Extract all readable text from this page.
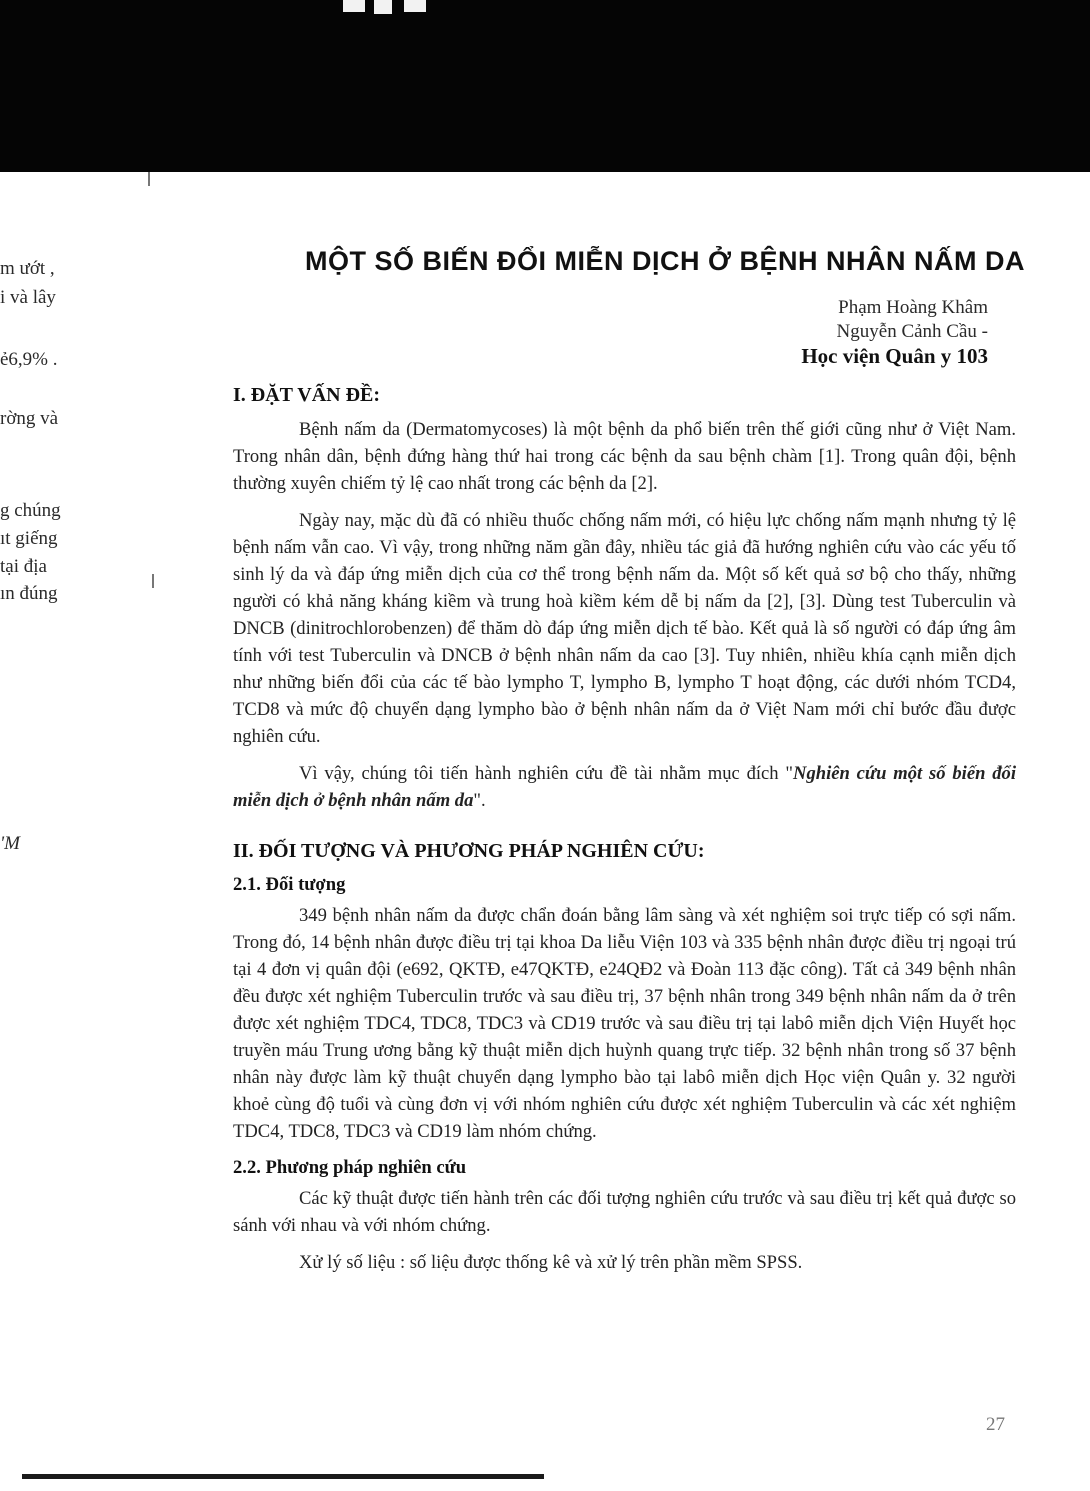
m ướt ,
i và lây
ẻ6,9% .
rờng và
g chúng
ıt giếng
tại địa
ın đúng
'M
MỘT SỐ BIẾN ĐỔI MIỄN DỊCH Ở BỆNH NHÂN NẤM DA
Phạm Hoàng Khâm
Nguyễn Cảnh Cầu -
Học viện Quân y 103
I. ĐẶT VẤN ĐỀ:

Bệnh nấm da (Dermatomycoses) là một bệnh da phổ biến trên thế giới cũng như ở Việt Nam. Trong nhân dân, bệnh đứng hàng thứ hai trong các bệnh da sau bệnh chàm [1]. Trong quân đội, bệnh thường xuyên chiếm tỷ lệ cao nhất trong các bệnh da [2].

Ngày nay, mặc dù đã có nhiều thuốc chống nấm mới, có hiệu lực chống nấm mạnh nhưng tỷ lệ bệnh nấm vẫn cao. Vì vậy, trong những năm gần đây, nhiều tác giả đã hướng nghiên cứu vào các yếu tố sinh lý da và đáp ứng miễn dịch của cơ thể trong bệnh nấm da. Một số kết quả sơ bộ cho thấy, những người có khả năng kháng kiềm và trung hoà kiềm kém dễ bị nấm da [2], [3]. Dùng test Tuberculin và DNCB (dinitrochlorobenzen) để thăm dò đáp ứng miễn dịch tế bào. Kết quả là số người có đáp ứng âm tính với test Tuberculin và DNCB ở bệnh nhân nấm da cao [3]. Tuy nhiên, nhiều khía cạnh miễn dịch như những biến đổi của các tế bào lympho T, lympho B, lympho T hoạt động, các dưới nhóm TCD4, TCD8 và mức độ chuyển dạng lympho bào ở bệnh nhân nấm da ở Việt Nam mới chỉ bước đầu được nghiên cứu.

Vì vậy, chúng tôi tiến hành nghiên cứu đề tài nhằm mục đích "Nghiên cứu một số biến đổi miễn dịch ở bệnh nhân nấm da".

II. ĐỐI TƯỢNG VÀ PHƯƠNG PHÁP NGHIÊN CỨU:
2.1. Đối tượng

349 bệnh nhân nấm da được chẩn đoán bằng lâm sàng và xét nghiệm soi trực tiếp có sợi nấm. Trong đó, 14 bệnh nhân được điều trị tại khoa Da liễu Viện 103 và 335 bệnh nhân được điều trị ngoại trú tại 4 đơn vị quân đội (e692, QKTĐ, e47QKTĐ, e24QĐ2 và Đoàn 113 đặc công). Tất cả 349 bệnh nhân đều được xét nghiệm Tuberculin trước và sau điều trị, 37 bệnh nhân trong 349 bệnh nhân nấm da ở trên được xét nghiệm TDC4, TDC8, TDC3 và CD19 trước và sau điều trị tại labô miễn dịch Viện Huyết học truyền máu Trung ương bằng kỹ thuật miễn dịch huỳnh quang trực tiếp. 32 bệnh nhân trong số 37 bệnh nhân này được làm kỹ thuật chuyển dạng lympho bào tại labô miễn dịch Học viện Quân y. 32 người khoẻ cùng độ tuổi và cùng đơn vị với nhóm nghiên cứu được xét nghiệm Tuberculin và các xét nghiệm TDC4, TDC8, TDC3 và CD19 làm nhóm chứng.

2.2. Phương pháp nghiên cứu

Các kỹ thuật được tiến hành trên các đối tượng nghiên cứu trước và sau điều trị kết quả được so sánh với nhau và với nhóm chứng.

Xử lý số liệu : số liệu được thống kê và xử lý trên phần mềm SPSS.

27
